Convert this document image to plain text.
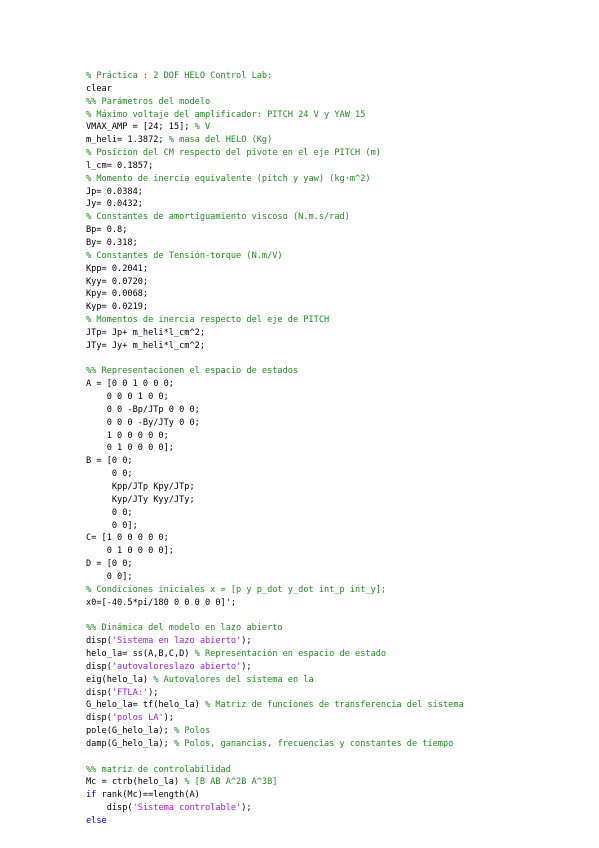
% Práctica : 2 DOF HELO Control Lab:
clear
%% Parámetros del modelo
% Máximo voltaje del amplificador: PITCH 24 V y YAW 15
VMAX_AMP = [24; 15]; % V
m_heli= 1.3872; % masa del HELO (Kg)
% Posicion del CM respecto del pivote en el eje PITCH (m)
l_cm= 0.1857;
% Momento de inercia equivalente (pitch y yaw) (kg·m^2)
Jp= 0.0384;
Jy= 0.0432;
% Constantes de amortiguamiento viscoso (N.m.s/rad)
Bp= 0.8;
By= 0.318;
% Constantes de Tensión-torque (N.m/V)
Kpp= 0.2041;
Kyy= 0.0720;
Kpy= 0.0068;
Kyp= 0.0219;
% Momentos de inercia respecto del eje de PITCH
JTp= Jp+ m_heli*l_cm^2;
JTy= Jy+ m_heli*l_cm^2;
%% Representacionen el espacio de estados
A = [0 0 1 0 0 0;
0 0 0 1 0 0;
0 0 -Bp/JTp 0 0 0;
0 0 0 -By/JTy 0 0;
1 0 0 0 0 0;
0 1 0 0 0 0];
B = [0 0;
0 0;
Kpp/JTp Kpy/JTp;
Kyp/JTy Kyy/JTy;
0 0;
0 0];
C= [1 0 0 0 0 0;
0 1 0 0 0 0];
D = [0 0;
0 0];
% Condiciones iniciales x = [p y p_dot y_dot int_p int_y];
x0=[-40.5*pi/180 0 0 0 0 0]';
%% Dinámica del modelo en lazo abierto
disp('Sistema en lazo abierto');
helo_la= ss(A,B,C,D) % Representación en espacio de estado
disp('autovaloreslazo abierto');
eig(helo_la) % Autovalores del sistema en la
disp('FTLA:');
G_helo_la= tf(helo_la) % Matriz de funciones de transferencia del sistema
disp('polos LA');
pole(G_helo_la); % Polos
damp(G_helo_la); % Polos, ganancias, frecuencias y constantes de tiempo
%% matriz de controlabilidad
Mc = ctrb(helo_la) % [B AB A^2B A^3B]
if rank(Mc)==length(A)
disp('Sistema controlable');
else
